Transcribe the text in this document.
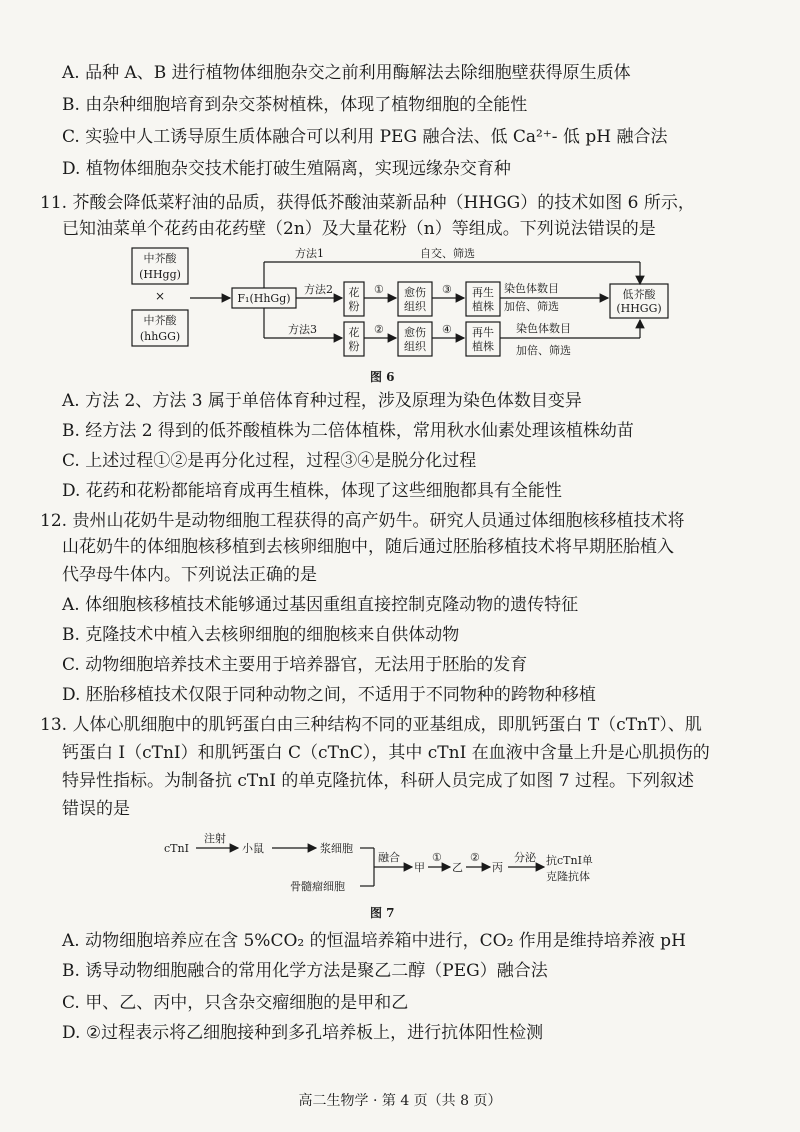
A. 品种 A、B 进行植物体细胞杂交之前利用酶解法去除细胞壁获得原生质体
B. 由杂种细胞培育到杂交茶树植株，体现了植物细胞的全能性
C. 实验中人工诱导原生质体融合可以利用 PEG 融合法、低 Ca²⁺- 低 pH 融合法
D. 植物体细胞杂交技术能打破生殖隔离，实现远缘杂交育种
11. 芥酸会降低菜籽油的品质，获得低芥酸油菜新品种（HHGG）的技术如图 6 所示，
已知油菜单个花药由花药壁（2n）及大量花粉（n）等组成。下列说法错误的是
中芥酸
(HHgg)
×
中芥酸
(hhGG)
F₁(HhGg)
方法1	自交、筛选
方法2 花
粉
① 愈伤
组织
③ 再生
植株
染色体数目
加倍、筛选
低芥酸
(HHGG)
方法3	花
粉
② 愈伤
组织
④ 再牛
植株
染色体数目
加倍、筛选
图 6
A. 方法 2、方法 3 属于单倍体育种过程，涉及原理为染色体数目变异
B. 经方法 2 得到的低芥酸植株为二倍体植株，常用秋水仙素处理该植株幼苗
C. 上述过程①②是再分化过程，过程③④是脱分化过程
D. 花药和花粉都能培育成再生植株，体现了这些细胞都具有全能性
12. 贵州山花奶牛是动物细胞工程获得的高产奶牛。研究人员通过体细胞核移植技术将
山花奶牛的体细胞核移植到去核卵细胞中，随后通过胚胎移植技术将早期胚胎植入
代孕母牛体内。下列说法正确的是
A. 体细胞核移植技术能够通过基因重组直接控制克隆动物的遗传特征
B. 克隆技术中植入去核卵细胞的细胞核来自供体动物
C. 动物细胞培养技术主要用于培养器官，无法用于胚胎的发育
D. 胚胎移植技术仅限于同种动物之间，不适用于不同物种的跨物种移植
13. 人体心肌细胞中的肌钙蛋白由三种结构不同的亚基组成，即肌钙蛋白 T（cTnT）、肌
钙蛋白 I（cTnI）和肌钙蛋白 C（cTnC），其中 cTnI 在血液中含量上升是心肌损伤的
特异性指标。为制备抗 cTnI 的单克隆抗体，科研人员完成了如图 7 过程。下列叙述
错误的是
cTnI
注射
小鼠	浆细胞
骨髓瘤细胞
融合
甲
①
乙
②
丙
分泌 抗cTnI单
克隆抗体
图 7
A. 动物细胞培养应在含 5%CO₂ 的恒温培养箱中进行，CO₂ 作用是维持培养液 pH
B. 诱导动物细胞融合的常用化学方法是聚乙二醇（PEG）融合法
C. 甲、乙、丙中，只含杂交瘤细胞的是甲和乙
D. ②过程表示将乙细胞接种到多孔培养板上，进行抗体阳性检测
高二生物学 · 第 4 页（共 8 页）
